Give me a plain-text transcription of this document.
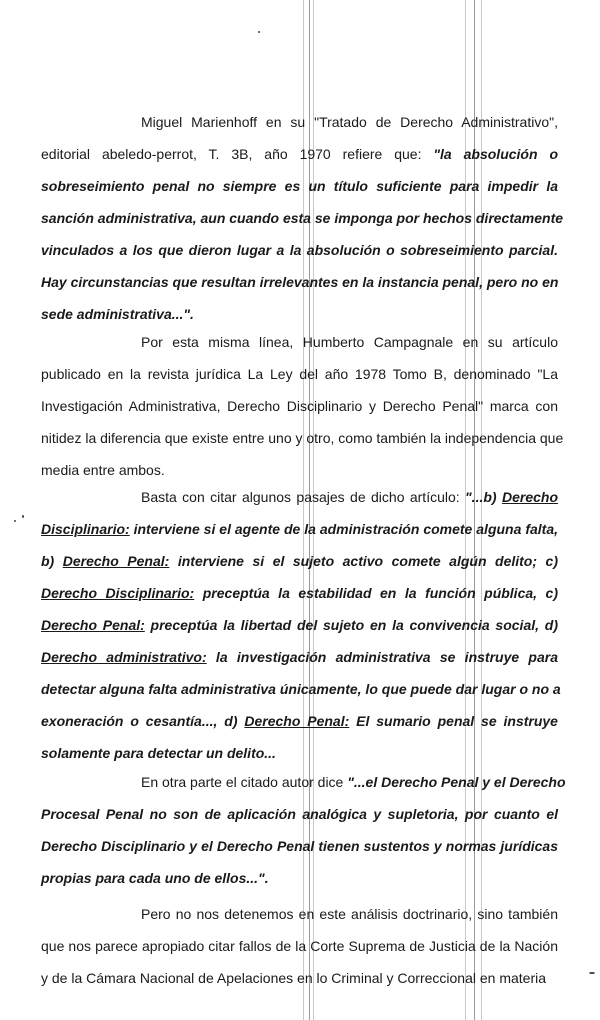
Miguel Marienhoff en su "Tratado de Derecho Administrativo",
editorial abeledo-perrot, T. 3B, año 1970 refiere que: "la absolución o
sobreseimiento penal no siempre es un título suficiente para impedir la
sanción administrativa, aun cuando esta se imponga por hechos directamente
vinculados a los que dieron lugar a la absolución o sobreseimiento parcial.
Hay circunstancias que resultan irrelevantes en la instancia penal, pero no en
sede administrativa...".
Por esta misma línea, Humberto Campagnale en su artículo
publicado en la revista jurídica La Ley del año 1978 Tomo B, denominado "La
Investigación Administrativa, Derecho Disciplinario y Derecho Penal" marca con
nitidez la diferencia que existe entre uno y otro, como también la independencia que
media entre ambos.
Basta con citar algunos pasajes de dicho artículo: "...b) Derecho
Disciplinario: interviene si el agente de la administración comete alguna falta,
b) Derecho Penal: interviene si el sujeto activo comete algún delito; c)
Derecho Disciplinario: preceptúa la estabilidad en la función pública, c)
Derecho Penal: preceptúa la libertad del sujeto en la convivencia social, d)
Derecho administrativo: la investigación administrativa se instruye para
detectar alguna falta administrativa únicamente, lo que puede dar lugar o no a
exoneración o cesantía..., d) Derecho Penal: El sumario penal se instruye
solamente para detectar un delito...
En otra parte el citado autor dice "...el Derecho Penal y el Derecho
Procesal Penal no son de aplicación analógica y supletoria, por cuanto el
Derecho Disciplinario y el Derecho Penal tienen sustentos y normas jurídicas
propias para cada uno de ellos...".
Pero no nos detenemos en este análisis doctrinario, sino también
que nos parece apropiado citar fallos de la Corte Suprema de Justicia de la Nación
y de la Cámara Nacional de Apelaciones en lo Criminal y Correccional en materia
